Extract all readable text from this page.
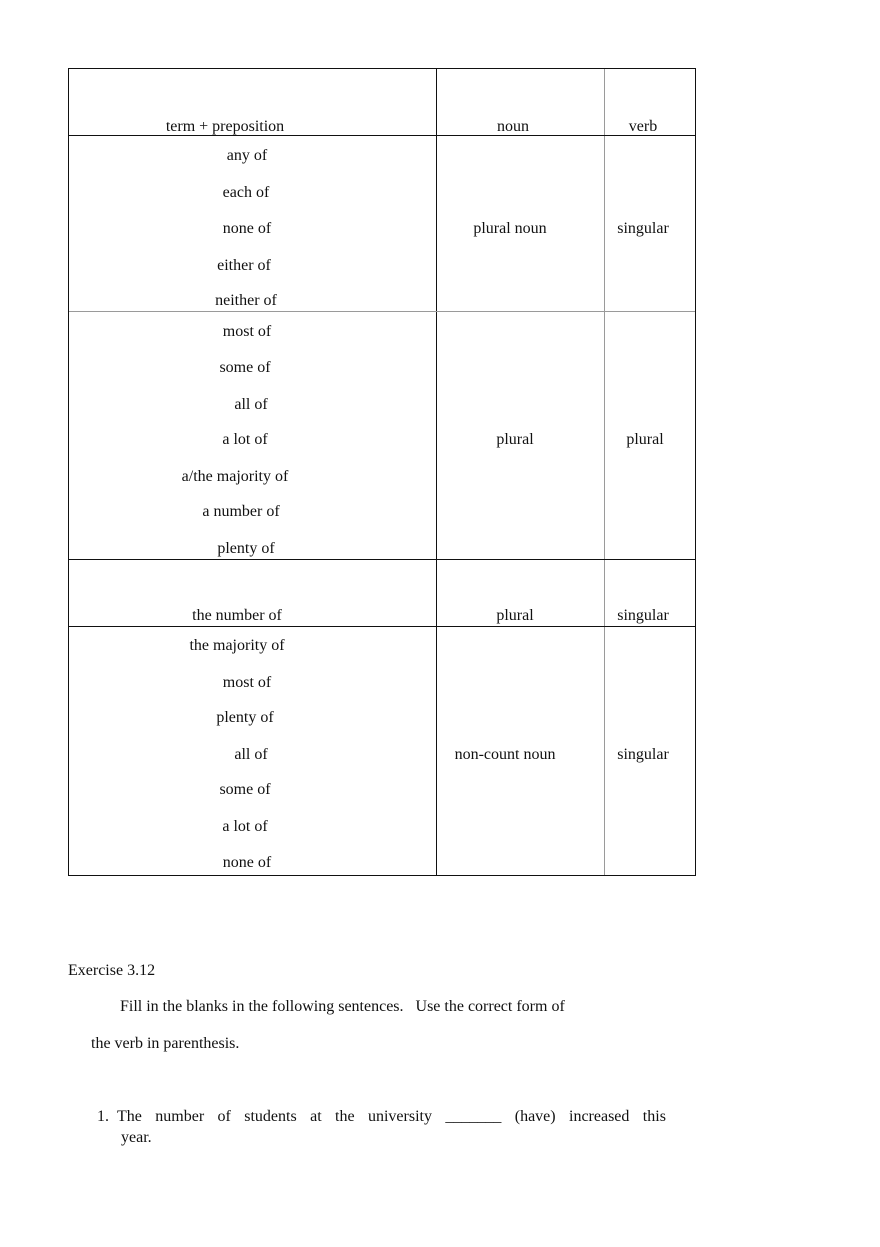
term + preposition	noun	verb
any of
each of
none of
either of
neither of
plural noun	singular
most of
some of
all of
a lot of
a/the majority of
a number of
plenty of
plural	plural
the number of	plural	singular
the majority of
most of
plenty of
all of
some of
a lot of
none of
non-count noun	singular
Exercise 3.12
Fill in the blanks in the following sentences.   Use the correct form of
the verb in parenthesis.
1. The number of students at the university _______ (have) increased this
year.
